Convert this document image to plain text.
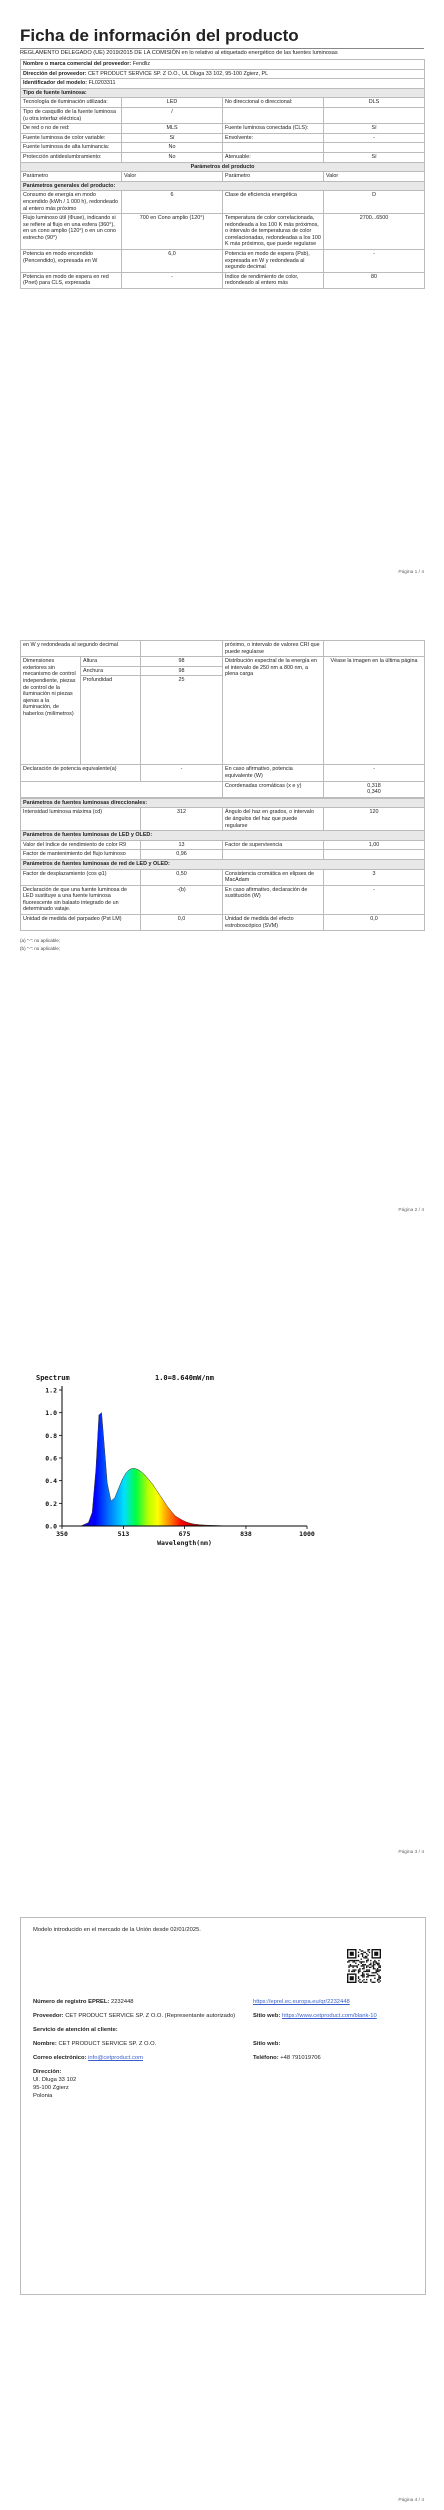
Ficha de información del producto
REGLAMENTO DELEGADO (UE) 2019/2015 DE LA COMISIÓN en lo relativo al etiquetado energético de las fuentes luminosas
Nombre o marca comercial del proveedor: Fendliz			
Dirección del proveedor: CET PRODUCT SERVICE SP. Z O.O., UL Dluga 33 102, 95-100 Zgierz, PL			
Identificador del modelo: FL0203311			
Tipo de fuente luminosa:			
Tecnología de iluminación utilizada:	LED	No direccional o direccional:	DLS
Tipo de casquillo de la fuente luminosa
(u otra interfaz eléctrica)	/		
De red o no de red:	MLS	Fuente luminosa conectada (CLS):	Sí
Fuente luminosa de color variable:	Sí	Envolvente:	-
Fuente luminosa de alta luminancia:	No		
Protección antideslumbramiento:	No	Atenuable:	Sí
Parámetros del producto			
Parámetro	Valor	Parámetro	Valor
Parámetros generales del producto:			
Consumo de energía en modo encendido (kWh / 1 000 h), redondeado al entero más próximo	6	Clase de eficiencia energética	D
Flujo luminoso útil (Φuse), indicando si se refiere al flujo en una esfera (360°), en un cono amplio (120°) o en un cono estrecho (90°)	700 en Cono amplio (120°)	Temperatura de color correlacionada, redondeada a los 100 K más próximos, o intervalo de temperaturas de color correlacionadas, redondeadas a los 100 K más próximos, que puede regularse	2700...6500
Potencia en modo encendido (Pencendido), expresada en W	6,0	Potencia en modo de espera (Psb), expresada en W y redondeada al segundo decimal	-
Potencia en modo de espera en red (Pnet) para CLS, expresada	-	Índice de rendimiento de color, redondeado al entero más	80
Página 1 / 4
en W y redondeada al segundo decimal			próximo, o intervalo de valores CRI que puede regularse	
Dimensiones exteriores sin mecanismo de control independiente, piezas de control de la iluminación ni piezas ajenas a la iluminación, de haberlos (milímetros)	Altura	98	Distribución espectral de la energía en el intervalo de 250 nm a 800 nm, a plena carga	Véase la imagen en la última página
	Anchura	98		
	Profundidad	25		
Declaración de potencia equivalente(a)		-	En caso afirmativo, potencia equivalente (W)	-
			Coordenadas cromáticas (x e y)	0,318
0,340
Parámetros de fuentes luminosas direccionales:			
Intensidad luminosa máxima (cd)	312	Ángulo del haz en grados, o intervalo de ángulos del haz que puede regularse	120
Parámetros de fuentes luminosas de LED y OLED:			
Valor del índice de rendimiento de color R9	13	Factor de supervivencia	1,00
Factor de mantenimiento del flujo luminoso	0,96		
Parámetros de fuentes luminosas de red de LED y OLED:			
Factor de desplazamiento (cos φ1)	0,50	Consistencia cromática en elipses de MacAdam	3
Declaración de que una fuente luminosa de LED sustituye a una fuente luminosa fluorescente sin balasto integrado de un determinado vataje.	-(b)	En caso afirmativo, declaración de sustitución (W)	-
Unidad de medida del parpadeo (Pst LM)	0,0	Unidad de medida del efecto estroboscópico (SVM)	0,0
(a) "-": no aplicable;
(b) "-": no aplicable;
Página 2 / 4
0.0
0.2
0.4
0.6
0.8
1.0
1.2
350	513	675	838	1000
Spectrum	1.0=8.640mW/nm
Wavelength(nm)
Página 3 / 4
Modelo introducido en el mercado de la Unión desde 02/01/2025.
Número de registro EPREL: 2232448	https://eprel.ec.europa.eu/qr/2232448
Proveedor: CET PRODUCT SERVICE SP. Z O.O. (Representante autorizado)	Sitio web: https://www.cetproduct.com/blank-10
Servicio de atención al cliente:
Nombre: CET PRODUCT SERVICE SP. Z O.O.	Sitio web:
Correo electrónico: info@cetproduct.com	Teléfono: +48 791019706
Dirección:
Ul. Dluga 33 102
95-100 Zgierz
Polonia
Página 4 / 4
